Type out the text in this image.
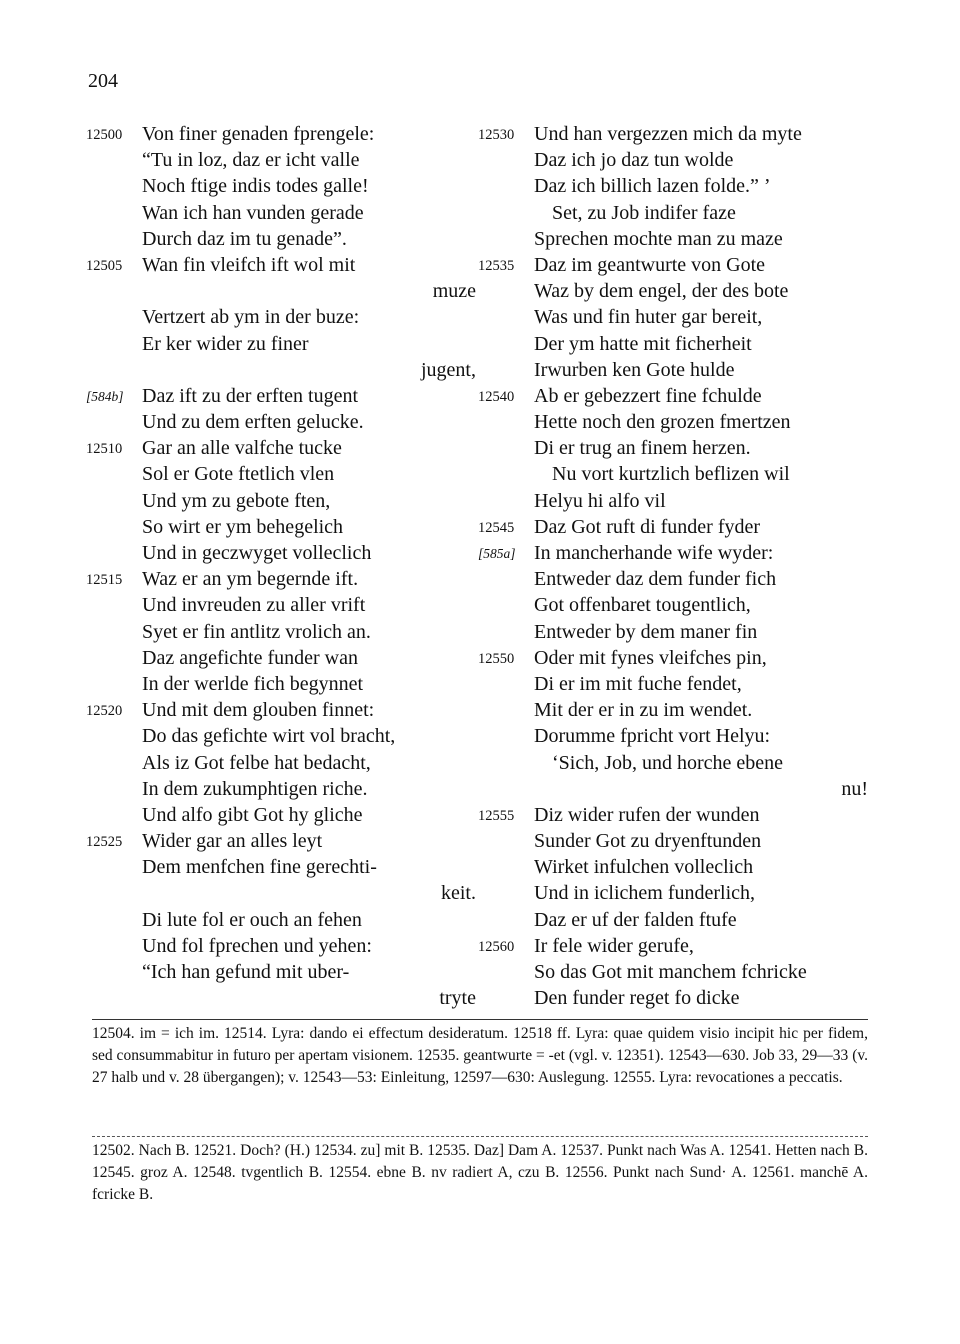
204
12500 Von finer genaden fprengele:
“Tu in loz, daz er icht valle
Noch ftige indis todes galle!
Wan ich han vunden gerade
Durch daz im tu genade”.
12505 Wan fin vleifch ift wol mit
muze
Vertzert ab ym in der buze:
Er ker wider zu finer
jugent,
[584b] Daz ift zu der erften tugent
Und zu dem erften gelucke.
12510 Gar an alle valfche tucke
Sol er Gote ftetlich vlen
Und ym zu gebote ften,
So wirt er ym behegelich
Und in geczwyget volleclich
12515 Waz er an ym begernde ift.
Und invreuden zu aller vrift
Syet er fin antlitz vrolich an.
Daz angefichte funder wan
In der werlde fich begynnet
12520 Und mit dem glouben finnet:
Do das gefichte wirt vol bracht,
Als iz Got felbe hat bedacht,
In dem zukumphtigen riche.
Und alfo gibt Got hy gliche
12525 Wider gar an alles leyt
Dem menfchen fine gerechti-
keit.
Di lute fol er ouch an fehen
Und fol fprechen und yehen:
“Ich han gefund mit uber-
tryte
12530 Und han vergezzen mich da myte
Daz ich jo daz tun wolde
Daz ich billich lazen folde.” ’
Set, zu Job indifer faze
Sprechen mochte man zu maze
12535 Daz im geantwurte von Gote
Waz by dem engel, der des bote
Was und fin huter gar bereit,
Der ym hatte mit ficherheit
Irwurben ken Gote hulde
12540 Ab er gebezzert fine fchulde
Hette noch den grozen fmertzen
Di er trug an finem herzen.
Nu vort kurtzlich beflizen wil
Helyu hi alfo vil
12545 Daz Got ruft di funder fyder
[585a] In mancherhande wife wyder:
Entweder daz dem funder fich
Got offenbaret tougentlich,
Entweder by dem maner fin
12550 Oder mit fynes vleifches pin,
Di er im mit fuche fendet,
Mit der er in zu im wendet.
Dorumme fpricht vort Helyu:
‘Sich, Job, und horche ebene
nu!
12555 Diz wider rufen der wunden
Sunder Got zu dryenftunden
Wirket infulchen volleclich
Und in iclichem funderlich,
Daz er uf der falden ftufe
12560 Ir fele wider gerufe,
So das Got mit manchem fchricke
Den funder reget fo dicke

12504. im = ich im. 12514. Lyra: dando ei effectum desideratum. 12518 ff. Lyra: quae quidem visio incipit hic per fidem, sed consummabitur in futuro per apertam visionem. 12535. geantwurte = -et (vgl. v. 12351). 12543—630. Job 33, 29—33 (v. 27 halb und v. 28 übergangen); v. 12543—53: Einleitung, 12597—630: Auslegung. 12555. Lyra: revocationes a peccatis.

12502. Nach B. 12521. Doch? (H.) 12534. zu] mit B. 12535. Daz] Dam A. 12537. Punkt nach Was A. 12541. Hetten nach B. 12545. groz A. 12548. tvgentlich B. 12554. ebne B. nv radiert A, czu B. 12556. Punkt nach Sund· A. 12561. manchē A. fcricke B.
